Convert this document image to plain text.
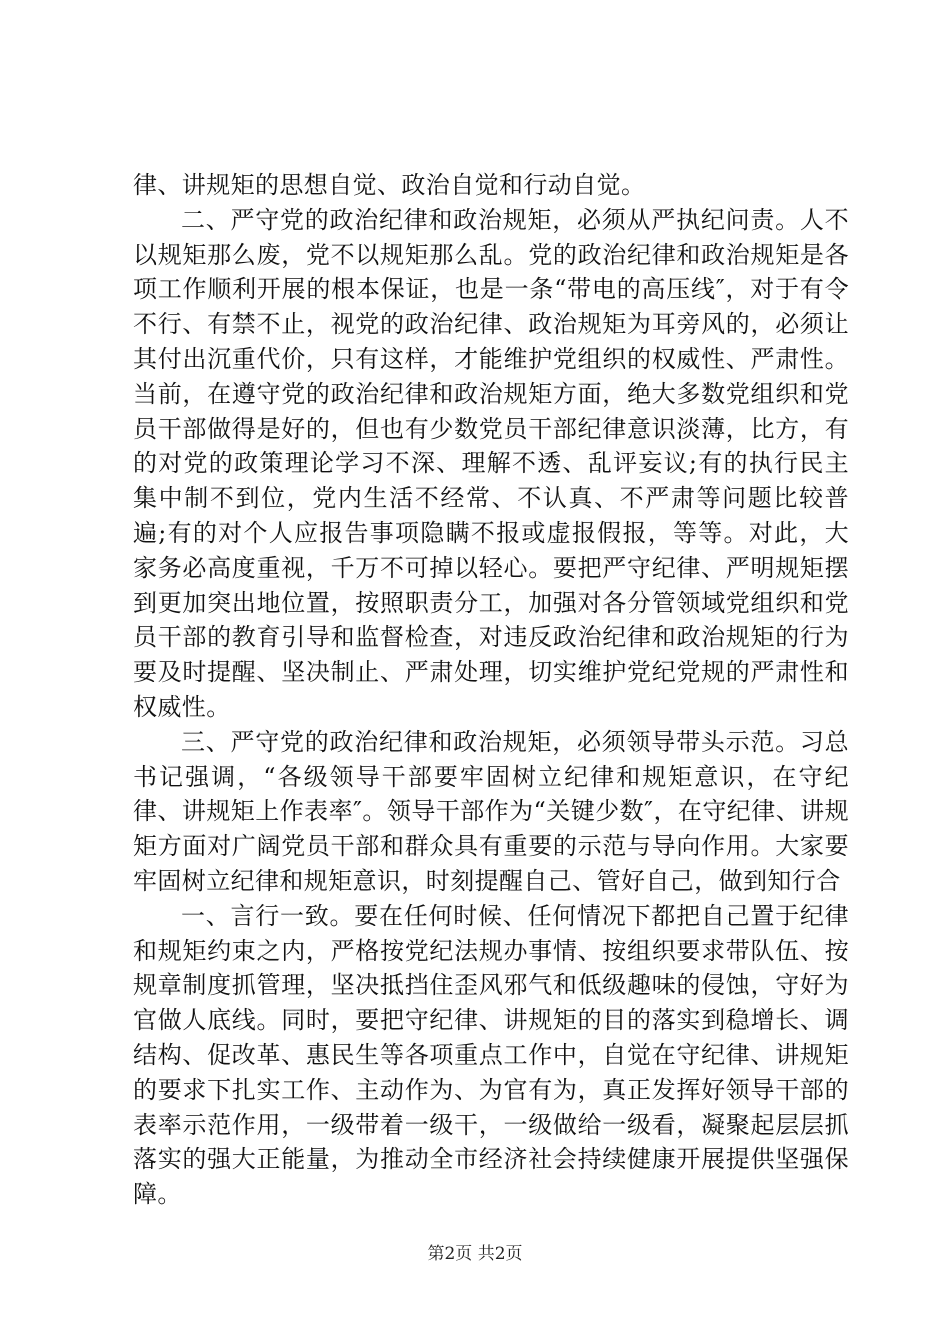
律、讲规矩的思想自觉、政治自觉和行动自觉。

二、严守党的政治纪律和政治规矩，必须从严执纪问责。人不以规矩那么废，党不以规矩那么乱。党的政治纪律和政治规矩是各项工作顺利开展的根本保证，也是一条“带电的高压线″，对于有令不行、有禁不止，视党的政治纪律、政治规矩为耳旁风的，必须让其付出沉重代价，只有这样，才能维护党组织的权威性、严肃性。当前，在遵守党的政治纪律和政治规矩方面，绝大多数党组织和党员干部做得是好的，但也有少数党员干部纪律意识淡薄，比方，有的对党的政策理论学习不深、理解不透、乱评妄议;有的执行民主集中制不到位，党内生活不经常、不认真、不严肃等问题比较普遍;有的对个人应报告事项隐瞒不报或虚报假报，等等。对此，大家务必高度重视，千万不可掉以轻心。要把严守纪律、严明规矩摆到更加突出地位置，按照职责分工，加强对各分管领域党组织和党员干部的教育引导和监督检查，对违反政治纪律和政治规矩的行为要及时提醒、坚决制止、严肃处理，切实维护党纪党规的严肃性和权威性。

三、严守党的政治纪律和政治规矩，必须领导带头示范。习总书记强调，“各级领导干部要牢固树立纪律和规矩意识，在守纪律、讲规矩上作表率″。领导干部作为“关键少数″，在守纪律、讲规矩方面对广阔党员干部和群众具有重要的示范与导向作用。大家要牢固树立纪律和规矩意识，时刻提醒自己、管好自己，做到知行合

一、言行一致。要在任何时候、任何情况下都把自己置于纪律和规矩约束之内，严格按党纪法规办事情、按组织要求带队伍、按规章制度抓管理，坚决抵挡住歪风邪气和低级趣味的侵蚀，守好为官做人底线。同时，要把守纪律、讲规矩的目的落实到稳增长、调结构、促改革、惠民生等各项重点工作中，自觉在守纪律、讲规矩的要求下扎实工作、主动作为、为官有为，真正发挥好领导干部的表率示范作用，一级带着一级干，一级做给一级看，凝聚起层层抓落实的强大正能量，为推动全市经济社会持续健康开展提供坚强保障。

第2页 共2页
